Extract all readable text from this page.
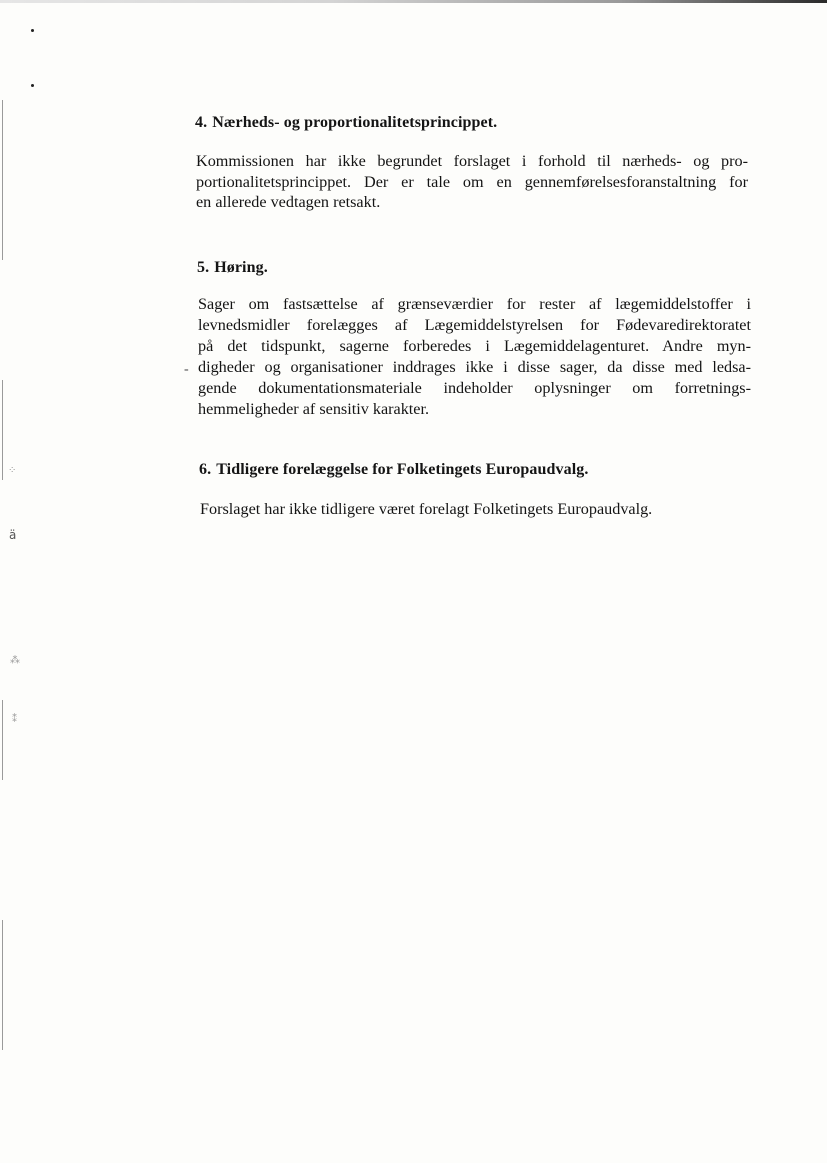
⁘
ä
⁂
⁑
4. Nærheds- og proportionalitetsprincippet.

Kommissionen har ikke begrundet forslaget i forhold til nærheds- og pro-
portionalitetsprincippet. Der er tale om en gennemførelsesforanstaltning for
en allerede vedtagen retsakt.

5. Høring.

Sager om fastsættelse af grænseværdier for rester af lægemiddelstoffer i
levnedsmidler forelægges af Lægemiddelstyrelsen for Fødevaredirektoratet
på det tidspunkt, sagerne forberedes i Lægemiddelagenturet. Andre myn-
digheder og organisationer inddrages ikke i disse sager, da disse med ledsa-
gende dokumentationsmateriale indeholder oplysninger om forretnings-
hemmeligheder af sensitiv karakter.

-
6. Tidligere forelæggelse for Folketingets Europaudvalg.

Forslaget har ikke tidligere været forelagt Folketingets Europaudvalg.
